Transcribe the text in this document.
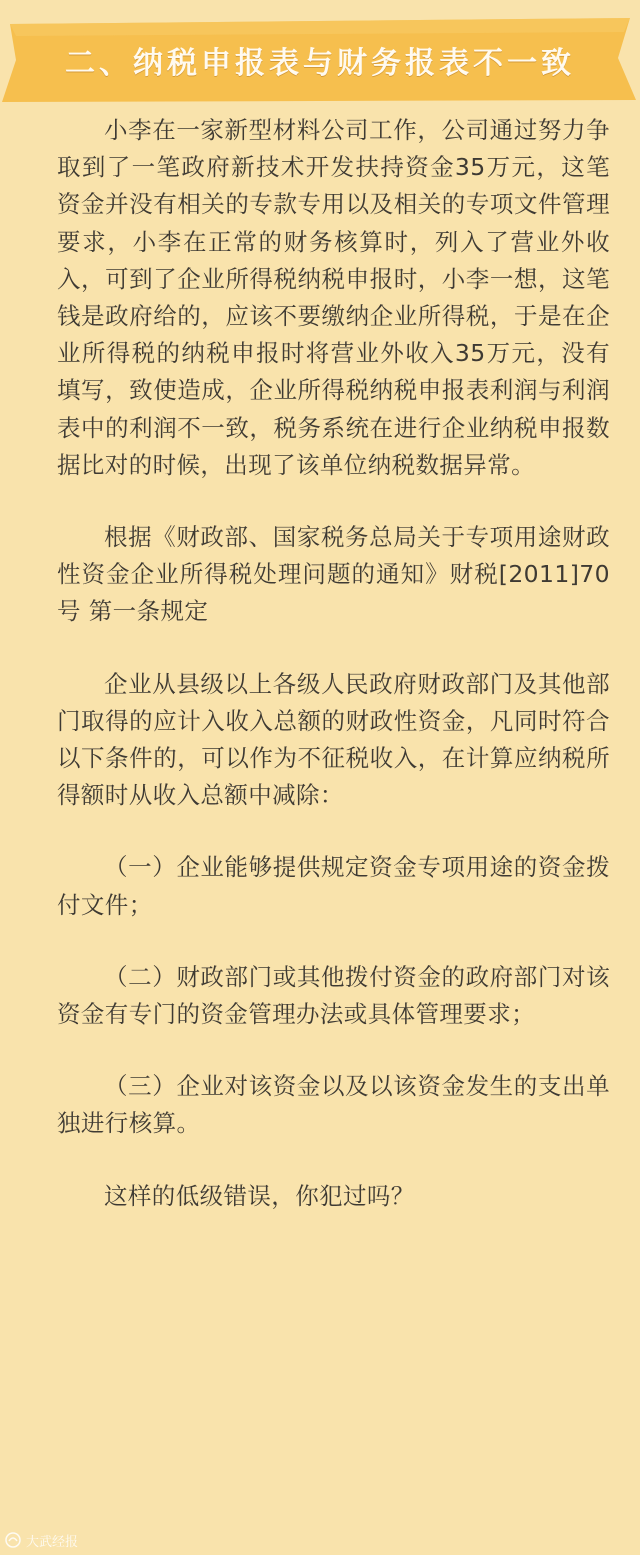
二、纳税申报表与财务报表不一致

小李在一家新型材料公司工作，公司通过努力争取到了一笔政府新技术开发扶持资金35万元，这笔资金并没有相关的专款专用以及相关的专项文件管理要求，小李在正常的财务核算时，列入了营业外收入，可到了企业所得税纳税申报时，小李一想，这笔钱是政府给的，应该不要缴纳企业所得税，于是在企业所得税的纳税申报时将营业外收入35万元，没有填写，致使造成，企业所得税纳税申报表利润与利润表中的利润不一致，税务系统在进行企业纳税申报数据比对的时候，出现了该单位纳税数据异常。

根据《财政部、国家税务总局关于专项用途财政性资金企业所得税处理问题的通知》财税[2011]70号 第一条规定

企业从县级以上各级人民政府财政部门及其他部门取得的应计入收入总额的财政性资金，凡同时符合以下条件的，可以作为不征税收入，在计算应纳税所得额时从收入总额中减除：

（一）企业能够提供规定资金专项用途的资金拨付文件；

（二）财政部门或其他拨付资金的政府部门对该资金有专门的资金管理办法或具体管理要求；

（三）企业对该资金以及以该资金发生的支出单独进行核算。

这样的低级错误，你犯过吗？

大武经报
